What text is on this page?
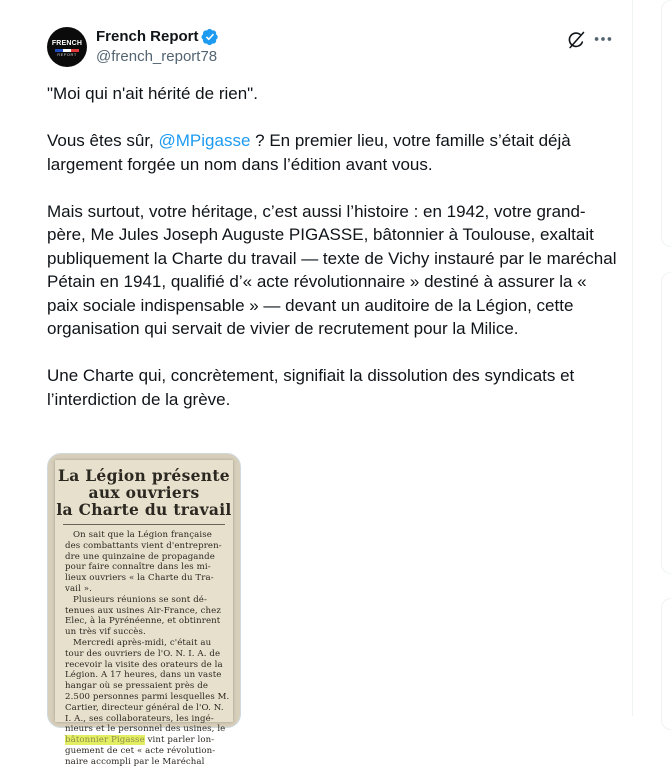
FRENCH
REPORT
French Report
@french_report78

"Moi qui n'ait hérité de rien".

Vous êtes sûr, @MPigasse ? En premier lieu, votre famille s’était déjà largement forgée un nom dans l’édition avant vous.

Mais surtout, votre héritage, c’est aussi l’histoire : en 1942, votre grand-père, Me Jules Joseph Auguste PIGASSE, bâtonnier à Toulouse, exaltait publiquement la Charte du travail — texte de Vichy instauré par le maréchal Pétain en 1941, qualifié d’« acte révolutionnaire » destiné à assurer la « paix sociale indispensable » — devant un auditoire de la Légion, cette organisation qui servait de vivier de recrutement pour la Milice.

Une Charte qui, concrètement, signifiait la dissolution des syndicats et l’interdiction de la grève.

La Légion présente
aux ouvriers
la Charte du travail
On sait que la Légion française
des combattants vient d'entrepren-
dre une quinzaine de propagande
pour faire connaître dans les mi-
lieux ouvriers « la Charte du Tra-
vail ».
Plusieurs réunions se sont dé-
tenues aux usines Air-France, chez
Elec, à la Pyrénéenne, et obtinrent
un très vif succès.
Mercredi après-midi, c'était au
tour des ouvriers de l'O. N. I. A. de
recevoir la visite des orateurs de la
Légion. A 17 heures, dans un vaste
hangar où se pressaient près de
2.500 personnes parmi lesquelles M.
Cartier, directeur général de l'O. N.
I. A., ses collaborateurs, les ingé-
nieurs et le personnel des usines, le
bâtonnier Pigasse vint parler lon-
guement de cet « acte révolution-
naire accompli par le Maréchal
